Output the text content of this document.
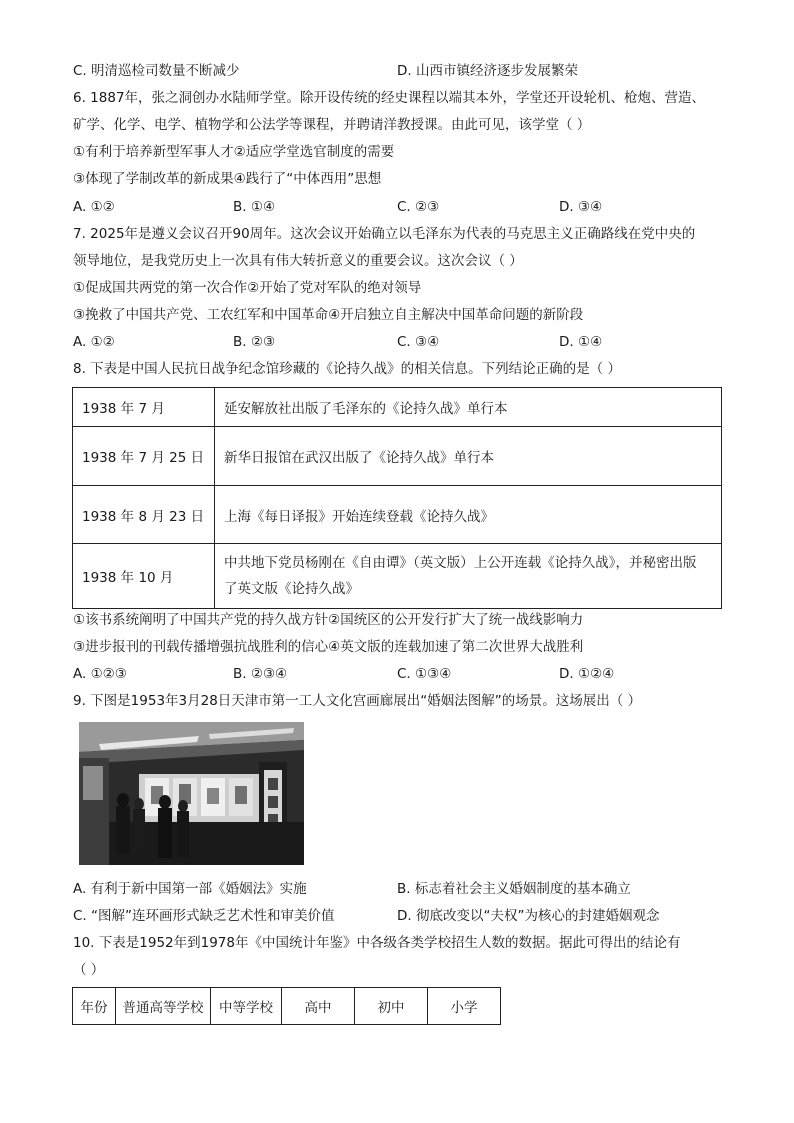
C. 明清巡检司数量不断减少	D. 山西市镇经济逐步发展繁荣
6. 1887年，张之洞创办水陆师学堂。除开设传统的经史课程以端其本外，学堂还开设轮机、枪炮、营造、
矿学、化学、电学、植物学和公法学等课程，并聘请洋教授课。由此可见，该学堂（ ）
①有利于培养新型军事人才②适应学堂选官制度的需要
③体现了学制改革的新成果④践行了“中体西用”思想
A. ①②	B. ①④	C. ②③	D. ③④
7. 2025年是遵义会议召开90周年。这次会议开始确立以毛泽东为代表的马克思主义正确路线在党中央的
领导地位，是我党历史上一次具有伟大转折意义的重要会议。这次会议（ ）
①促成国共两党的第一次合作②开始了党对军队的绝对领导
③挽救了中国共产党、工农红军和中国革命④开启独立自主解决中国革命问题的新阶段
A. ①②	B. ②③	C. ③④	D. ①④
8. 下表是中国人民抗日战争纪念馆珍藏的《论持久战》的相关信息。下列结论正确的是（ ）
1938 年 7 月	延安解放社出版了毛泽东的《论持久战》单行本
1938 年 7 月 25 日	新华日报馆在武汉出版了《论持久战》单行本
1938 年 8 月 23 日	上海《每日译报》开始连续登载《论持久战》
1938 年 10 月	中共地下党员杨刚在《自由谭》（英文版）上公开连载《论持久战》，并秘密出版
了英文版《论持久战》
①该书系统阐明了中国共产党的持久战方针②国统区的公开发行扩大了统一战线影响力
③进步报刊的刊载传播增强抗战胜利的信心④英文版的连载加速了第二次世界大战胜利
A. ①②③	B. ②③④	C. ①③④	D. ①②④
9. 下图是1953年3月28日天津市第一工人文化宫画廊展出“婚姻法图解”的场景。这场展出（ ）
A. 有利于新中国第一部《婚姻法》实施	B. 标志着社会主义婚姻制度的基本确立
C. “图解”连环画形式缺乏艺术性和审美价值	D. 彻底改变以“夫权”为核心的封建婚姻观念
10. 下表是1952年到1978年《中国统计年鉴》中各级各类学校招生人数的数据。据此可得出的结论有
（ ）
年份	普通高等学校	中等学校	高中	初中	小学
